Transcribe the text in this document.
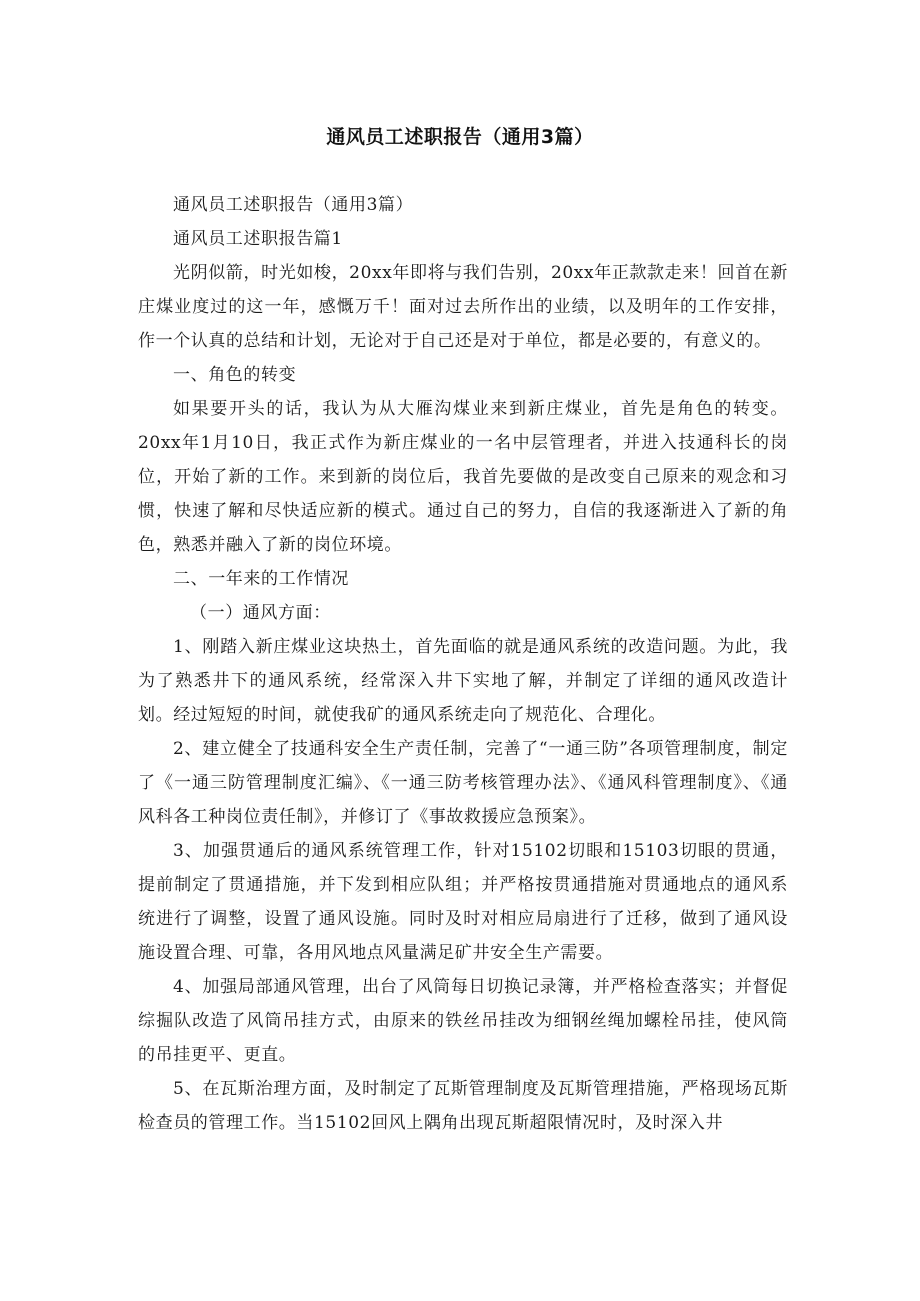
通风员工述职报告（通用3篇）

通风员工述职报告（通用3篇）

通风员工述职报告篇1

光阴似箭，时光如梭，20xx年即将与我们告别，20xx年正款款走来！回首在新庄煤业度过的这一年，感慨万千！面对过去所作出的业绩，以及明年的工作安排，作一个认真的总结和计划，无论对于自己还是对于单位，都是必要的，有意义的。

一、角色的转变

如果要开头的话，我认为从大雁沟煤业来到新庄煤业，首先是角色的转变。20xx年1月10日，我正式作为新庄煤业的一名中层管理者，并进入技通科长的岗位，开始了新的工作。来到新的岗位后，我首先要做的是改变自己原来的观念和习惯，快速了解和尽快适应新的模式。通过自己的努力，自信的我逐渐进入了新的角色，熟悉并融入了新的岗位环境。

二、一年来的工作情况

（一）通风方面：

1、刚踏入新庄煤业这块热土，首先面临的就是通风系统的改造问题。为此，我为了熟悉井下的通风系统，经常深入井下实地了解，并制定了详细的通风改造计划。经过短短的时间，就使我矿的通风系统走向了规范化、合理化。

2、建立健全了技通科安全生产责任制，完善了“一通三防”各项管理制度，制定了《一通三防管理制度汇编》、《一通三防考核管理办法》、《通风科管理制度》、《通风科各工种岗位责任制》，并修订了《事故救援应急预案》。

3、加强贯通后的通风系统管理工作，针对15102切眼和15103切眼的贯通，提前制定了贯通措施，并下发到相应队组；并严格按贯通措施对贯通地点的通风系统进行了调整，设置了通风设施。同时及时对相应局扇进行了迁移，做到了通风设施设置合理、可靠，各用风地点风量满足矿井安全生产需要。

4、加强局部通风管理，出台了风筒每日切换记录簿，并严格检查落实；并督促综掘队改造了风筒吊挂方式，由原来的铁丝吊挂改为细钢丝绳加螺栓吊挂，使风筒的吊挂更平、更直。

5、在瓦斯治理方面，及时制定了瓦斯管理制度及瓦斯管理措施，严格现场瓦斯检查员的管理工作。当15102回风上隅角出现瓦斯超限情况时，及时深入井
